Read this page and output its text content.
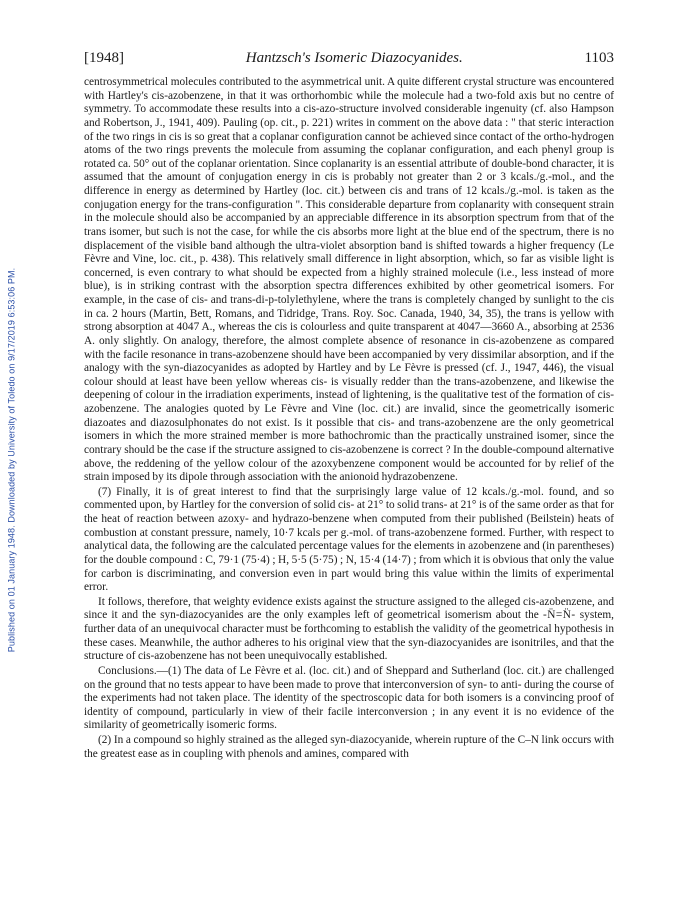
Published on 01 January 1948. Downloaded by University of Toledo on 9/17/2019 6:53:06 PM.
[1948]	Hantzsch's Isomeric Diazocyanides.	1103

centrosymmetrical molecules contributed to the asymmetrical unit. A quite different crystal structure was encountered with Hartley's cis-azobenzene, in that it was orthorhombic while the molecule had a two-fold axis but no centre of symmetry. To accommodate these results into a cis-azo-structure involved considerable ingenuity (cf. also Hampson and Robertson, J., 1941, 409). Pauling (op. cit., p. 221) writes in comment on the above data : " that steric interaction of the two rings in cis is so great that a coplanar configuration cannot be achieved since contact of the ortho-hydrogen atoms of the two rings prevents the molecule from assuming the coplanar configuration, and each phenyl group is rotated ca. 50° out of the coplanar orientation. Since coplanarity is an essential attribute of double-bond character, it is assumed that the amount of conjugation energy in cis is probably not greater than 2 or 3 kcals./g.-mol., and the difference in energy as determined by Hartley (loc. cit.) between cis and trans of 12 kcals./g.-mol. is taken as the conjugation energy for the trans-configuration ". This considerable departure from coplanarity with consequent strain in the molecule should also be accompanied by an appreciable difference in its absorption spectrum from that of the trans isomer, but such is not the case, for while the cis absorbs more light at the blue end of the spectrum, there is no displacement of the visible band although the ultra-violet absorption band is shifted towards a higher frequency (Le Fèvre and Vine, loc. cit., p. 438). This relatively small difference in light absorption, which, so far as visible light is concerned, is even contrary to what should be expected from a highly strained molecule (i.e., less instead of more blue), is in striking contrast with the absorption spectra differences exhibited by other geometrical isomers. For example, in the case of cis- and trans-di-p-tolylethylene, where the trans is completely changed by sunlight to the cis in ca. 2 hours (Martin, Bett, Romans, and Tidridge, Trans. Roy. Soc. Canada, 1940, 34, 35), the trans is yellow with strong absorption at 4047 A., whereas the cis is colourless and quite transparent at 4047—3660 A., absorbing at 2536 A. only slightly. On analogy, therefore, the almost complete absence of resonance in cis-azobenzene as compared with the facile resonance in trans-azobenzene should have been accompanied by very dissimilar absorption, and if the analogy with the syn-diazocyanides as adopted by Hartley and by Le Fèvre is pressed (cf. J., 1947, 446), the visual colour should at least have been yellow whereas cis- is visually redder than the trans-azobenzene, and likewise the deepening of colour in the irradiation experiments, instead of lightening, is the qualitative test of the formation of cis-azobenzene. The analogies quoted by Le Fèvre and Vine (loc. cit.) are invalid, since the geometrically isomeric diazoates and diazosulphonates do not exist. Is it possible that cis- and trans-azobenzene are the only geometrical isomers in which the more strained member is more bathochromic than the practically unstrained isomer, since the contrary should be the case if the structure assigned to cis-azobenzene is correct ? In the double-compound alternative above, the reddening of the yellow colour of the azoxybenzene component would be accounted for by relief of the strain imposed by its dipole through association with the anionoid hydrazobenzene.

(7) Finally, it is of great interest to find that the surprisingly large value of 12 kcals./g.-mol. found, and so commented upon, by Hartley for the conversion of solid cis- at 21° to solid trans- at 21° is of the same order as that for the heat of reaction between azoxy- and hydrazo-benzene when computed from their published (Beilstein) heats of combustion at constant pressure, namely, 10·7 kcals per g.-mol. of trans-azobenzene formed. Further, with respect to analytical data, the following are the calculated percentage values for the elements in azobenzene and (in parentheses) for the double compound : C, 79·1 (75·4) ; H, 5·5 (5·75) ; N, 15·4 (14·7) ; from which it is obvious that only the value for carbon is discriminating, and conversion even in part would bring this value within the limits of experimental error.

It follows, therefore, that weighty evidence exists against the structure assigned to the alleged cis-azobenzene, and since it and the syn-diazocyanides are the only examples left of geometrical isomerism about the -N̈=N̈- system, further data of an unequivocal character must be forthcoming to establish the validity of the geometrical hypothesis in these cases. Meanwhile, the author adheres to his original view that the syn-diazocyanides are isonitriles, and that the structure of cis-azobenzene has not been unequivocally established.

Conclusions.—(1) The data of Le Fèvre et al. (loc. cit.) and of Sheppard and Sutherland (loc. cit.) are challenged on the ground that no tests appear to have been made to prove that interconversion of syn- to anti- during the course of the experiments had not taken place. The identity of the spectroscopic data for both isomers is a convincing proof of identity of compound, particularly in view of their facile interconversion ; in any event it is no evidence of the similarity of geometrically isomeric forms.

(2) In a compound so highly strained as the alleged syn-diazocyanide, wherein rupture of the C–N link occurs with the greatest ease as in coupling with phenols and amines, compared with
